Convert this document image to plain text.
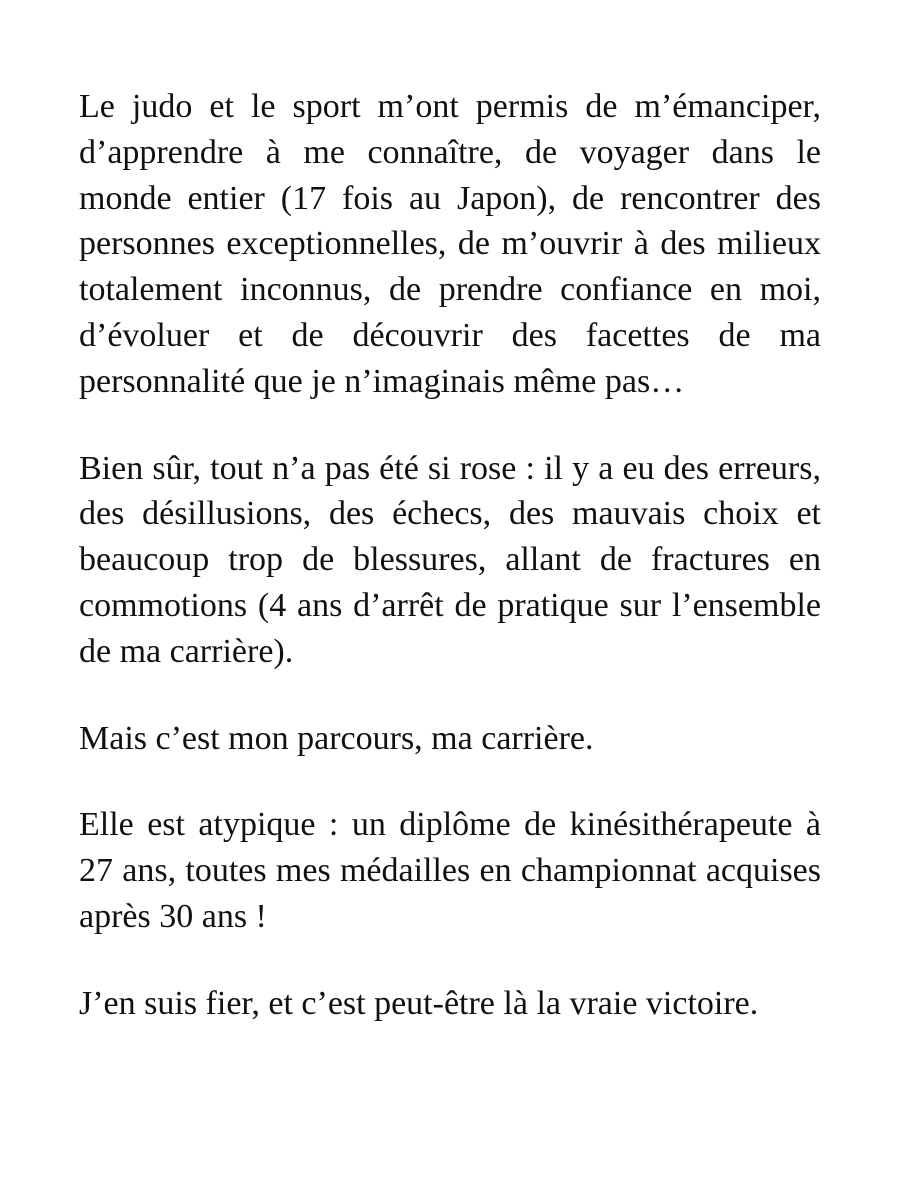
Le judo et le sport m’ont permis de m’émanciper, d’apprendre à me connaître, de voyager dans le monde entier (17 fois au Japon), de rencontrer des personnes exceptionnelles, de m’ouvrir à des milieux totalement inconnus, de prendre confiance en moi, d’évoluer et de découvrir des facettes de ma personnalité que je n’imaginais même pas…

Bien sûr, tout n’a pas été si rose : il y a eu des erreurs, des désillusions, des échecs, des mauvais choix et beaucoup trop de blessures, allant de fractures en commotions (4 ans d’arrêt de pratique sur l’ensemble de ma carrière).

Mais c’est mon parcours, ma carrière.

Elle est atypique : un diplôme de kinésithérapeute à 27 ans, toutes mes médailles en championnat acquises après 30 ans !

J’en suis fier, et c’est peut-être là la vraie victoire.
